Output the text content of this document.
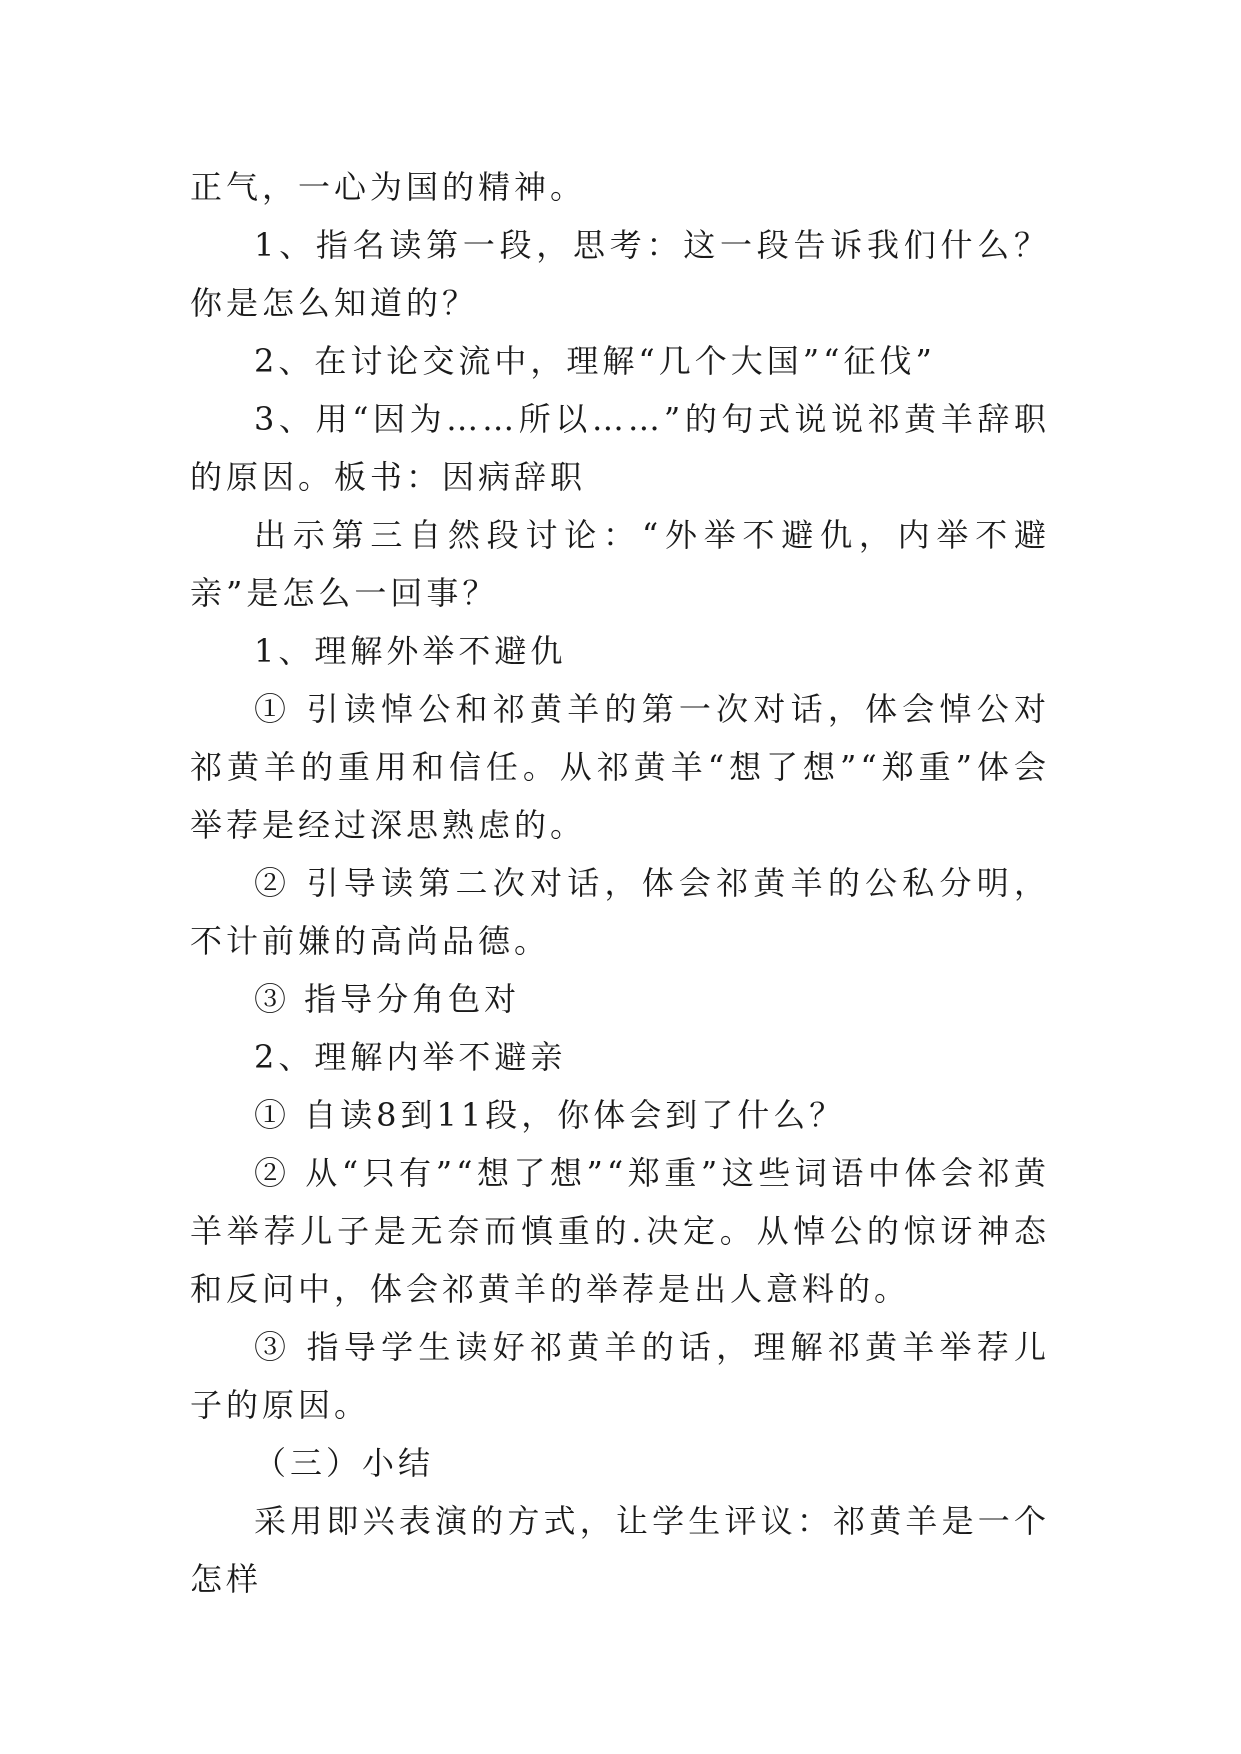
正气，一心为国的精神。

1、指名读第一段，思考：这一段告诉我们什么？你是怎么知道的？

2、在讨论交流中，理解“几个大国”“征伐”

3、用“因为……所以……”的句式说说祁黄羊辞职的原因。板书：因病辞职

出示第三自然段讨论：“外举不避仇，内举不避亲”是怎么一回事？

1、理解外举不避仇

① 引读悼公和祁黄羊的第一次对话，体会悼公对祁黄羊的重用和信任。从祁黄羊“想了想”“郑重”体会举荐是经过深思熟虑的。

② 引导读第二次对话，体会祁黄羊的公私分明，不计前嫌的高尚品德。

③ 指导分角色对

2、理解内举不避亲

① 自读8到11段，你体会到了什么？

② 从“只有”“想了想”“郑重”这些词语中体会祁黄羊举荐儿子是无奈而慎重的.决定。从悼公的惊讶神态和反问中，体会祁黄羊的举荐是出人意料的。

③ 指导学生读好祁黄羊的话，理解祁黄羊举荐儿子的原因。

（三）小结

采用即兴表演的方式，让学生评议：祁黄羊是一个怎样
